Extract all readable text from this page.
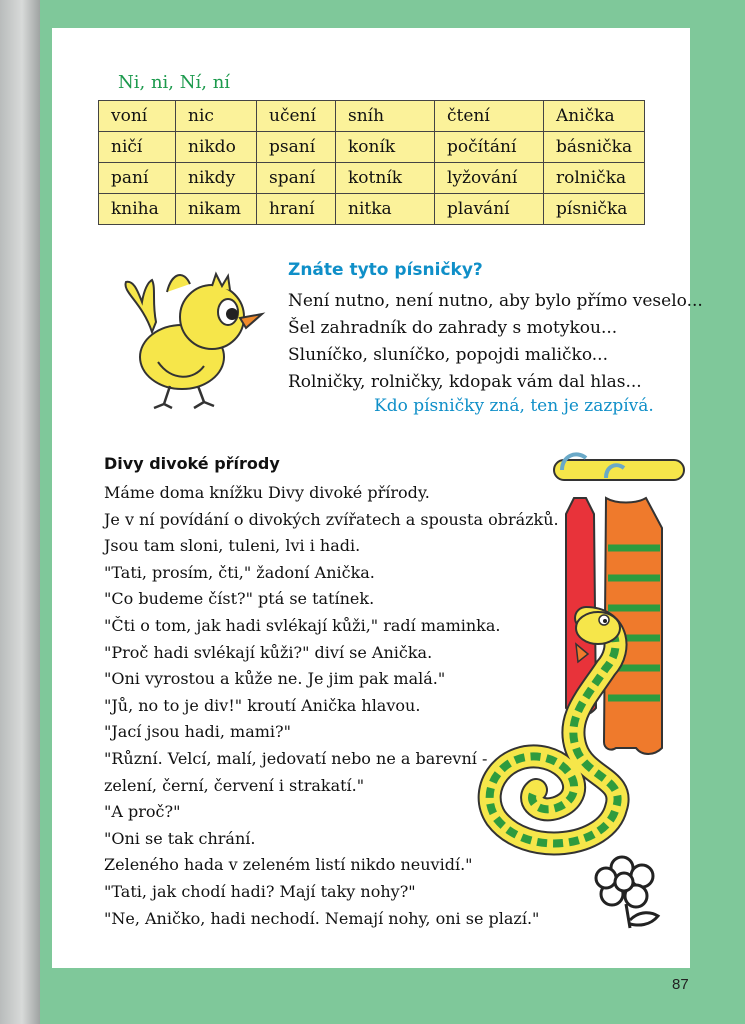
Ni, ni, Ní, ní
voní	nic	učení	sníh	čtení	Anička
ničí	nikdo	psaní	koník	počítání	básnička
paní	nikdy	spaní	kotník	lyžování	rolnička
kniha	nikam	hraní	nitka	plavání	písnička
Znáte tyto písničky?
Není nutno, není nutno, aby bylo přímo veselo...
Šel zahradník do zahrady s motykou...
Sluníčko, sluníčko, popojdi maličko...
Rolničky, rolničky, kdopak vám dal hlas...
Kdo písničky zná, ten je zazpívá.
Divy divoké přírody
Máme doma knížku Divy divoké přírody.
Je v ní povídání o divokých zvířatech a spousta obrázků.
Jsou tam sloni, tuleni, lvi i hadi.
"Tati, prosím, čti," žadoní Anička.
"Co budeme číst?" ptá se tatínek.
"Čti o tom, jak hadi svlékají kůži," radí maminka.
"Proč hadi svlékají kůži?" diví se Anička.
"Oni vyrostou a kůže ne. Je jim pak malá."
"Jů, no to je div!" kroutí Anička hlavou.
"Jací jsou hadi, mami?"
"Různí. Velcí, malí, jedovatí nebo ne a barevní -
zelení, černí, červení i strakatí."
"A proč?"
"Oni se tak chrání.
Zeleného hada v zeleném listí nikdo neuvidí."
"Tati, jak chodí hadi? Mají taky nohy?"
"Ne, Aničko, hadi nechodí. Nemají nohy, oni se plazí."
87
